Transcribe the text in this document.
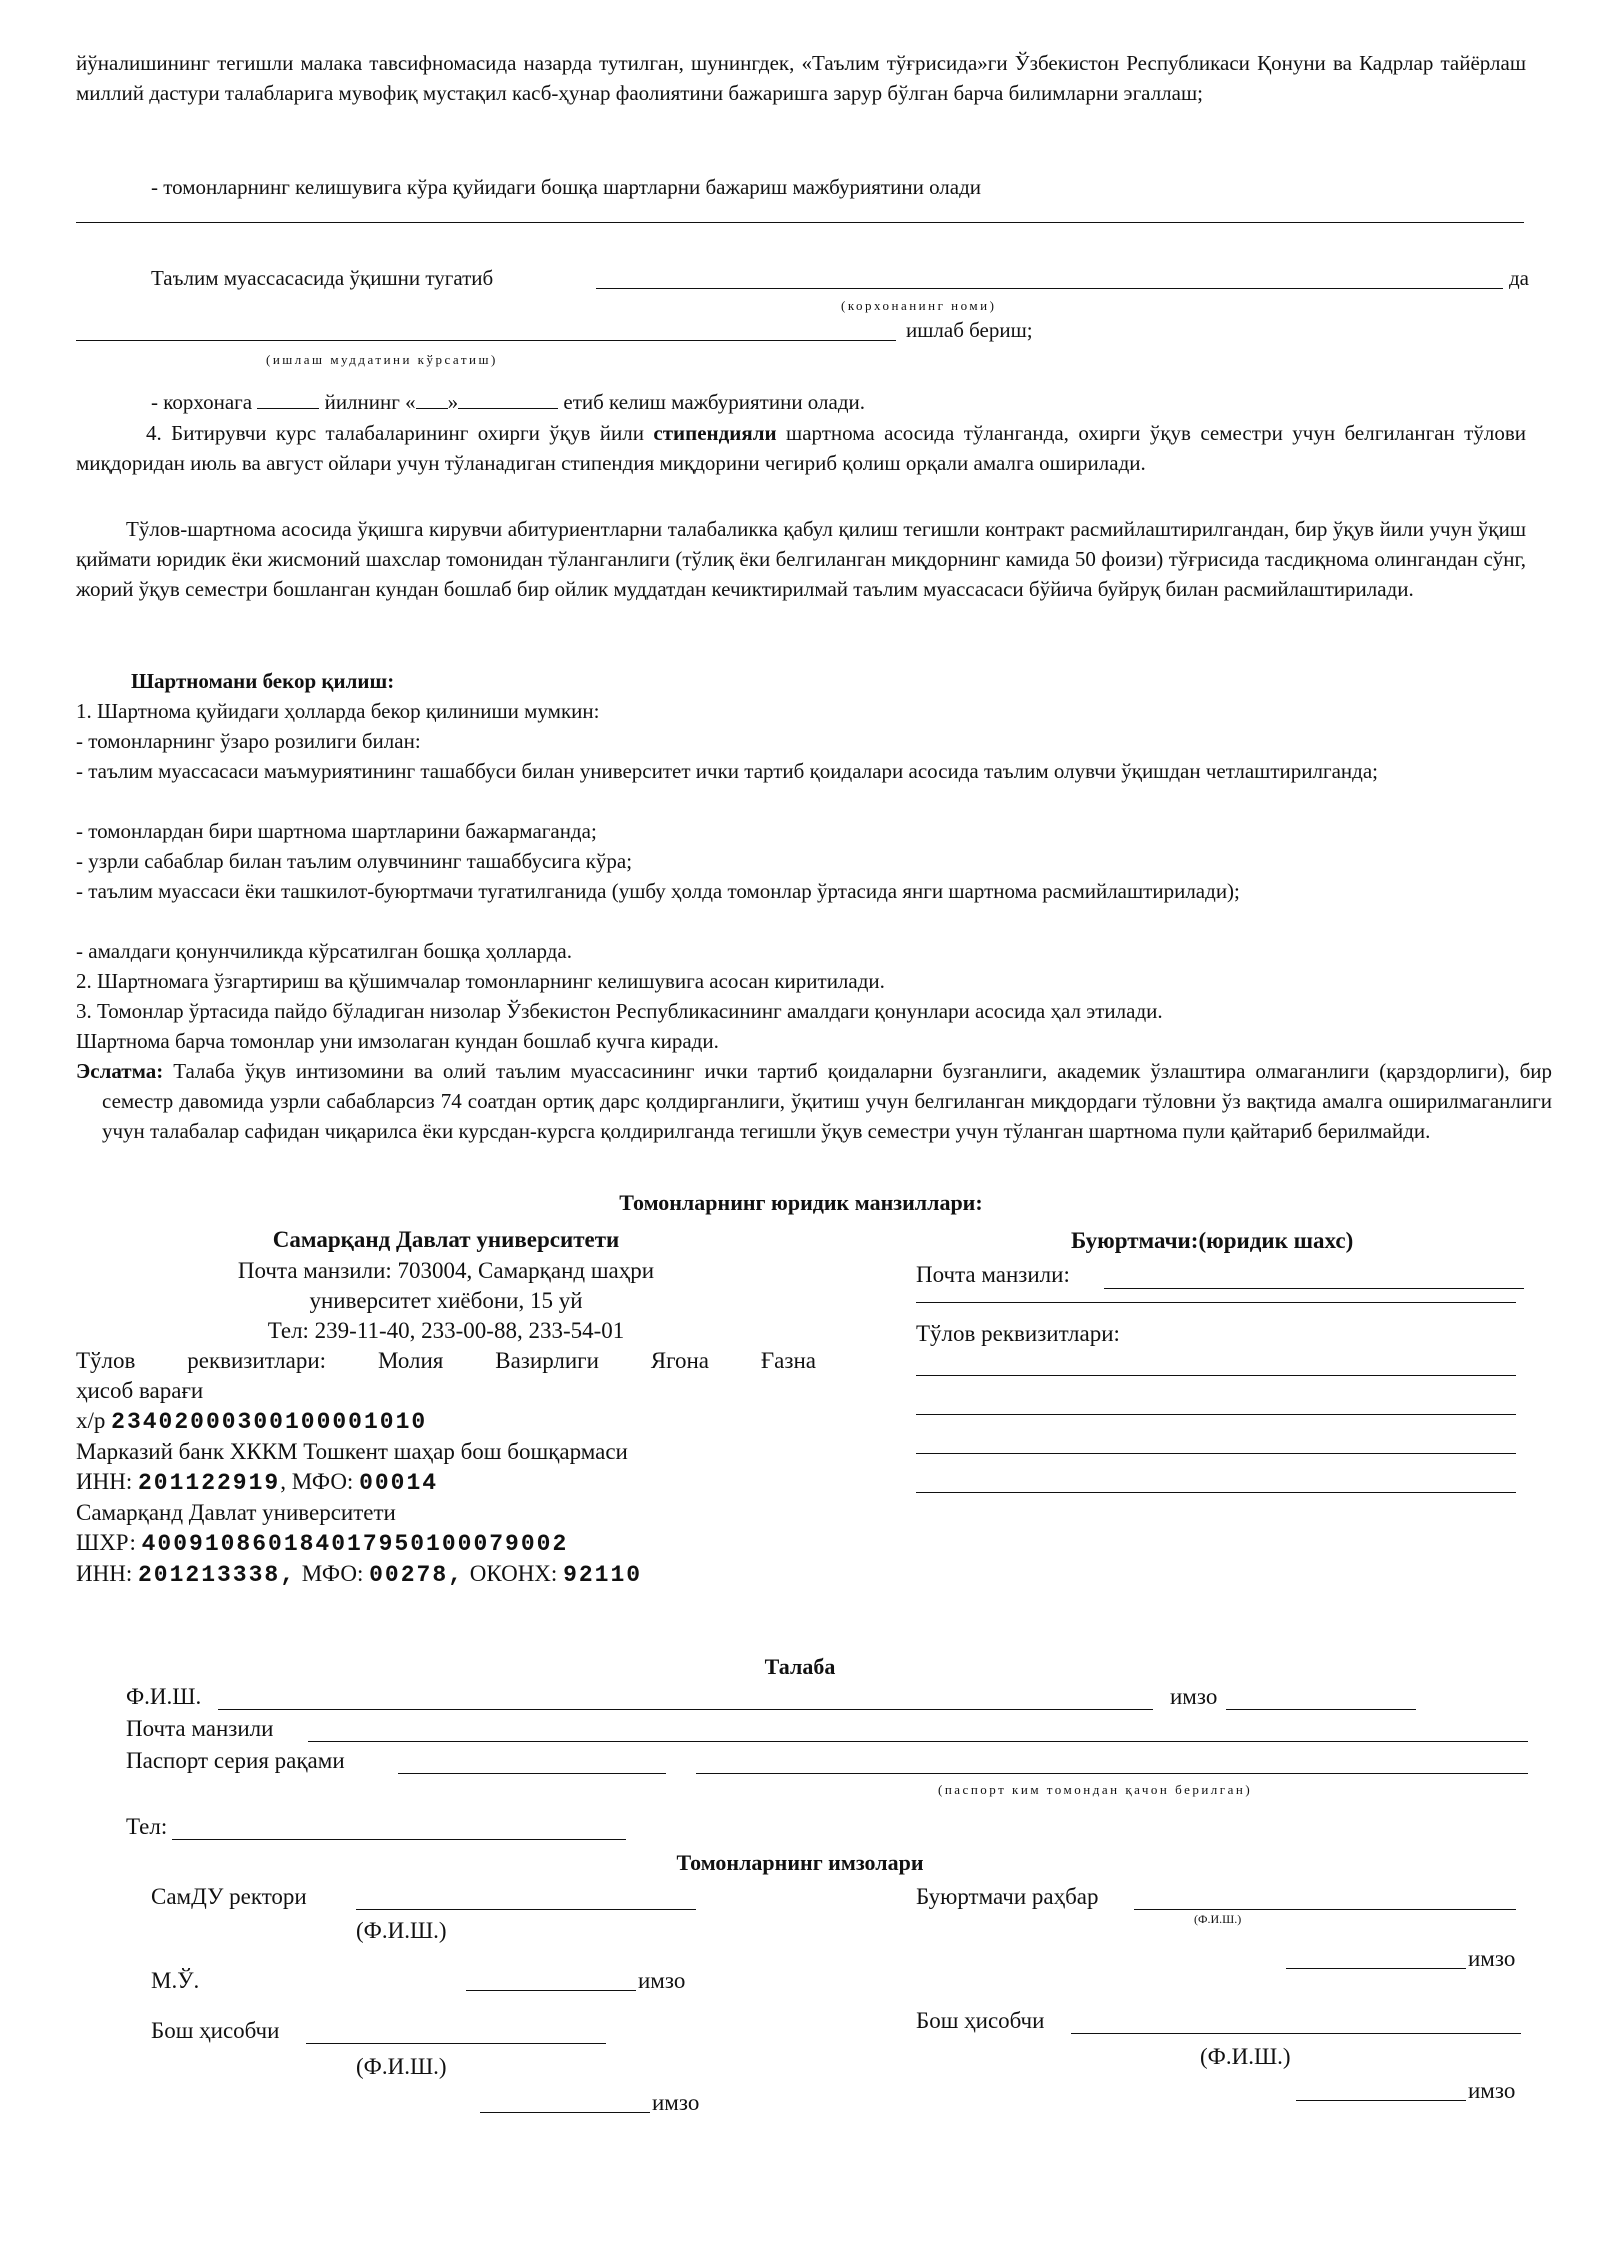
йўналишининг тегишли малака тавсифномасида назарда тутилган, шунингдек, «Таълим тўғрисида»ги Ўзбекистон Республикаси Қонуни ва Кадрлар тайёрлаш миллий дастури талабларига мувофиқ мустақил касб-ҳунар фаолиятини бажаришга зарур бўлган барча билимларни эгаллаш;

- томонларнинг келишувига кўра қуйидаги бошқа шартларни бажариш мажбуриятини олади

Таълим муассасасида ўқишни тугатиб	да
(корхонанинг номи)
ишлаб бериш;
(ишлаш муддатини кўрсатиш)
- корхонага	йилнинг « »	етиб келиш мажбуриятини олади.

4. Битирувчи курс талабаларининг охирги ўқув йили стипендияли шартнома асосида тўланганда, охирги ўқув семестри учун белгиланган тўлови миқдоридан июль ва август ойлари учун тўланадиган стипендия миқдорини чегириб қолиш орқали амалга оширилади.

Тўлов-шартнома асосида ўқишга кирувчи абитуриентларни талабаликка қабул қилиш тегишли контракт расмийлаштирилгандан, бир ўқув йили учун ўқиш қиймати юридик ёки жисмоний шахслар томонидан тўланганлиги (тўлиқ ёки белгиланган миқдорнинг камида 50 фоизи) тўғрисида тасдиқнома олингандан сўнг, жорий ўқув семестри бошланган кундан бошлаб бир ойлик муддатдан кечиктирилмай таълим муассасаси бўйича буйруқ билан расмийлаштирилади.

Шартномани бекор қилиш:

1. Шартнома қуйидаги ҳолларда бекор қилиниши мумкин:

- томонларнинг ўзаро розилиги билан:

- таълим муассасаси маъмуриятининг ташаббуси билан университет ички тартиб қоидалари асосида таълим олувчи ўқишдан четлаштирилганда;

- томонлардан бири шартнома шартларини бажармаганда;

- узрли сабаблар билан таълим олувчининг ташаббусига кўра;

- таълим муассаси ёки ташкилот-буюртмачи тугатилганида (ушбу ҳолда томонлар ўртасида янги шартнома расмийлаштирилади);

- амалдаги қонунчиликда кўрсатилган бошқа ҳолларда.

2. Шартномага ўзгартириш ва қўшимчалар томонларнинг келишувига асосан киритилади.

3. Томонлар ўртасида пайдо бўладиган низолар Ўзбекистон Республикасининг амалдаги қонунлари асосида ҳал этилади.

Шартнома барча томонлар уни имзолаган кундан бошлаб кучга киради.

Эслатма: Талаба ўқув интизомини ва олий таълим муассасининг ички тартиб қоидаларни бузганлиги, академик ўзлаштира олмаганлиги (қарздорлиги), бир семестр давомида узрли сабабларсиз 74 соатдан ортиқ дарс қолдирганлиги, ўқитиш учун белгиланган миқдордаги тўловни ўз вақтида амалга оширилмаганлиги учун талабалар сафидан чиқарилса ёки курсдан-курсга қолдирилганда тегишли ўқув семестри учун тўланган шартнома пули қайтариб берилмайди.

Томонларнинг юридик манзиллари:

Самарқанд Давлат университети

Почта манзили: 703004, Самарқанд шаҳри

университет хиёбони, 15 уй

Тел: 239-11-40, 233-00-88, 233-54-01

Тўлов реквизитлари: Молия Вазирлиги Ягона Ғазна

ҳисоб варағи

х/р 23402000300100001010

Марказий банк ХККМ Тошкент шаҳар бош бошқармаси

ИНН: 201122919, МФО: 00014

Самарқанд Давлат университети

ШХР: 400910860184017950100079002

ИНН: 201213338, МФО: 00278, ОКОНХ: 92110

Буюртмачи:(юридик шахс)

Почта манзили:

Тўлов реквизитлари:

Талаба

Ф.И.Ш.	имзо
Почта манзили
Паспорт серия рақами
(паспорт ким томондан қачон берилган)
Тел:

Томонларнинг имзолари

СамДУ ректори

(Ф.И.Ш.)

М.Ў.	имзо

Бош ҳисобчи

(Ф.И.Ш.)

имзо

Буюртмачи раҳбар

(Ф.И.Ш.)

имзо

Бош ҳисобчи

(Ф.И.Ш.)

имзо
